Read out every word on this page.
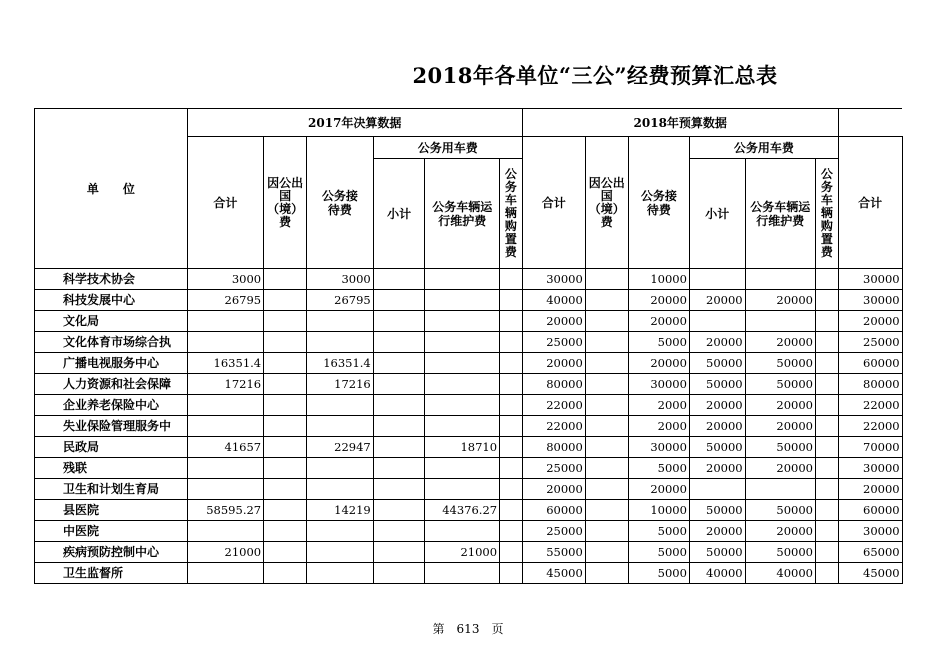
2018年各单位“三公”经费预算汇总表
单　　位	2017年决算数据						2018年预算数据							
	合计	因公出国（境）费	公务接待费	公务用车费			合计	因公出国（境）费	公务接待费	公务用车费			合计	
				小计	公务车辆运行维护费	公务车辆购置费				小计	公务车辆运行维护费	公务车辆购置费		
科学技术协会	3000		3000				30000		10000				30000	
科技发展中心	26795		26795				40000		20000	20000	20000		30000	
文化局							20000		20000				20000	
文化体育市场综合执							25000		5000	20000	20000		25000	
广播电视服务中心	16351.4		16351.4				20000		20000	50000	50000		60000	
人力资源和社会保障	17216		17216				80000		30000	50000	50000		80000	
企业养老保险中心							22000		2000	20000	20000		22000	
失业保险管理服务中							22000		2000	20000	20000		22000	
民政局	41657		22947		18710		80000		30000	50000	50000		70000	
残联							25000		5000	20000	20000		30000	
卫生和计划生育局							20000		20000				20000	
县医院	58595.27		14219		44376.27		60000		10000	50000	50000		60000	
中医院							25000		5000	20000	20000		30000	
疾病预防控制中心	21000				21000		55000		5000	50000	50000		65000	
卫生监督所							45000		5000	40000	40000		45000	
第　613　页
